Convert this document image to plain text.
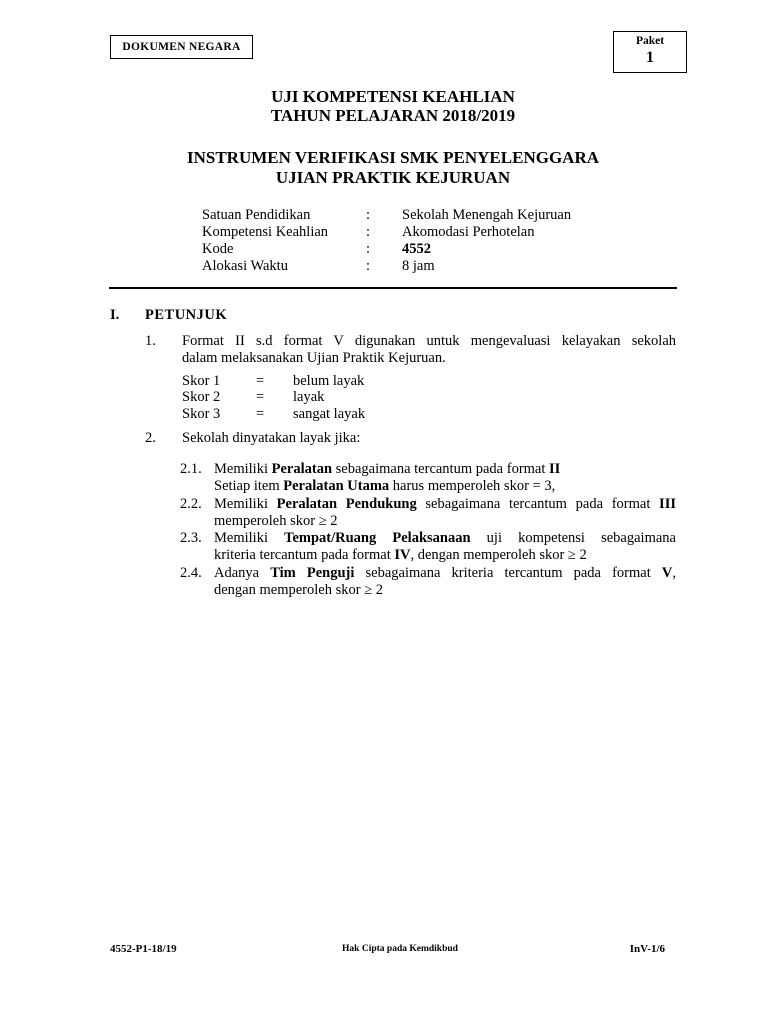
DOKUMEN NEGARA	Paket
1
UJI KOMPETENSI KEAHLIAN
TAHUN PELAJARAN 2018/2019
INSTRUMEN VERIFIKASI SMK PENYELENGGARA
UJIAN PRAKTIK KEJURUAN
Satuan Pendidikan	: Sekolah Menengah Kejuruan
Kompetensi Keahlian	: Akomodasi Perhotelan
Kode	: 4552
Alokasi Waktu	: 8 jam
I. PETUNJUK
1. Format II s.d format V digunakan untuk mengevaluasi kelayakan sekolah
dalam melaksanakan Ujian Praktik Kejuruan.
Skor 1 = belum layak
Skor 2 = layak
Skor 3 = sangat layak
2. Sekolah dinyatakan layak jika:
2.1. Memiliki Peralatan sebagaimana tercantum pada format II
Setiap item Peralatan Utama harus memperoleh skor = 3,
2.2. Memiliki Peralatan Pendukung sebagaimana tercantum pada format III
memperoleh skor ≥ 2
2.3. Memiliki Tempat/Ruang Pelaksanaan uji kompetensi sebagaimana
kriteria tercantum pada format IV, dengan memperoleh skor ≥ 2
2.4. Adanya Tim Penguji sebagaimana kriteria tercantum pada format V,
dengan memperoleh skor ≥ 2
4552-P1-18/19	Hak Cipta pada Kemdikbud	InV-1/6
